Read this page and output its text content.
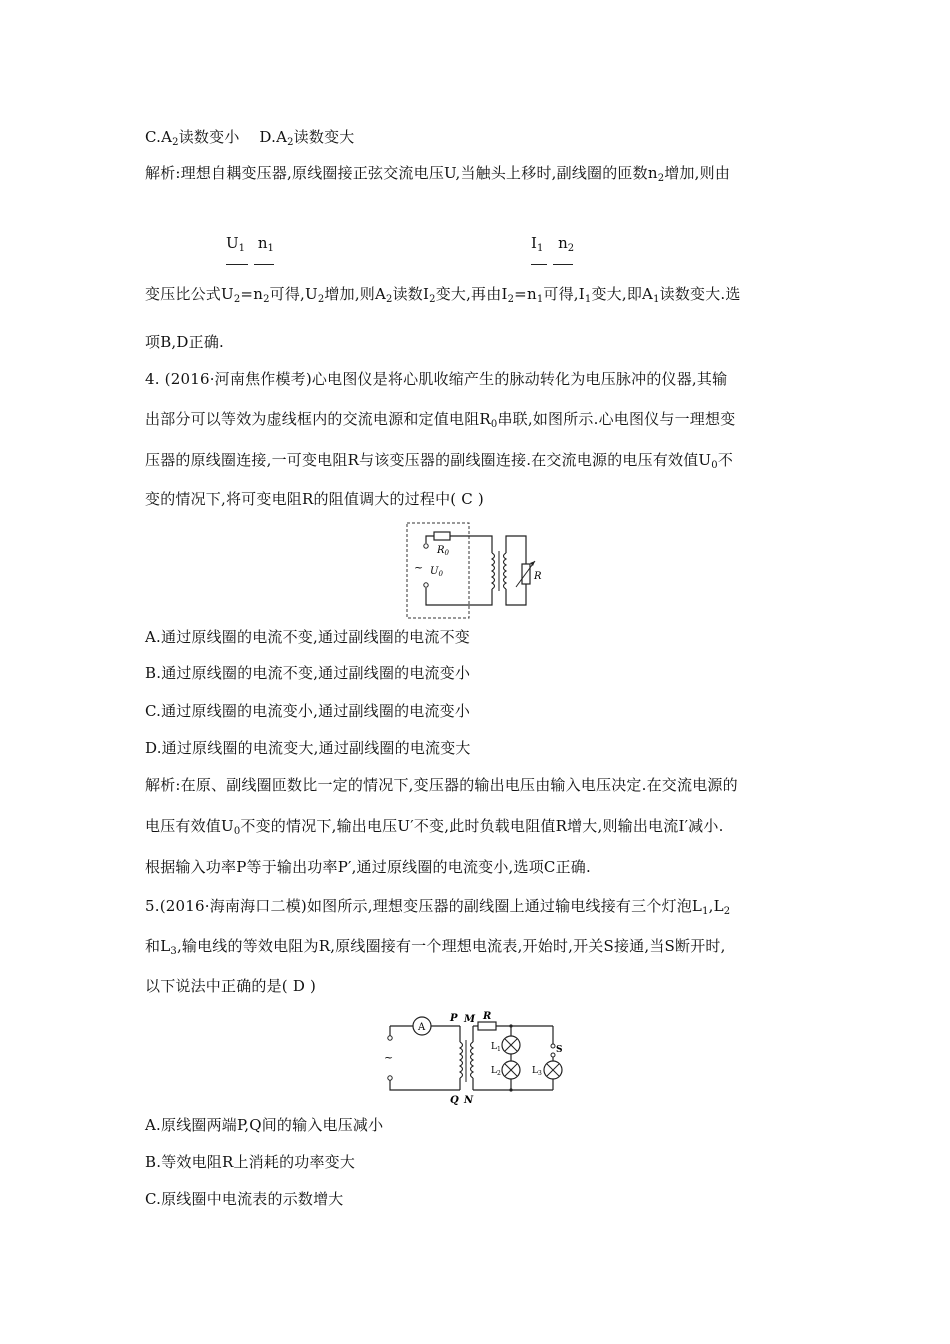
$C.A_2$读数变小 $D.A_2$读数变大
解析:理想自耦变压器,原线圈接正弦交流电压U,当触头上移时,副线圈的匝数$n_2$增加,则由
$U_1$ $n_1$
变压比公式$U_2=n_2$可得$,U_2$增加,则$A_2$读数$I_2$变大,再由$I_2=n_1$可得$,I_1$变大,即$A_1$读数变大.选
$I_1$ $n_2$
项B,D正确.
4. (2016·河南焦作模考)心电图仪是将心肌收缩产生的脉动转化为电压脉冲的仪器,其输
出部分可以等效为虚线框内的交流电源和定值电阻$R_0$串联,如图所示.心电图仪与一理想变
压器的原线圈连接,一可变电阻R与该变压器的副线圈连接.在交流电源的电压有效值$U_0$不
变的情况下,将可变电阻R的阻值调大的过程中( C )
$R_0$
~ $U_0$	R
A.通过原线圈的电流不变,通过副线圈的电流不变
B.通过原线圈的电流不变,通过副线圈的电流变小
C.通过原线圈的电流变小,通过副线圈的电流变小
D.通过原线圈的电流变大,通过副线圈的电流变大
解析:在原、副线圈匝数比一定的情况下,变压器的输出电压由输入电压决定.在交流电源的
电压有效值$U_0$不变的情况下,输出电压U′不变,此时负载电阻值R增大,则输出电流I′减小.
根据输入功率P等于输出功率P′,通过原线圈的电流变小,选项C正确.
5.(2016·海南海口二模)如图所示,理想变压器的副线圈上通过输电线接有三个灯泡$L_1,L_2$
和$L_3$,输电线的等效电阻为R,原线圈接有一个理想电流表,开始时,开关S接通,当S断开时,
以下说法中正确的是( D )
A
~
P M R
Q N
S
$L_1$
$L_2$	$L_3$
A.原线圈两端P,Q间的输入电压减小
B.等效电阻R上消耗的功率变大
C.原线圈中电流表的示数增大
